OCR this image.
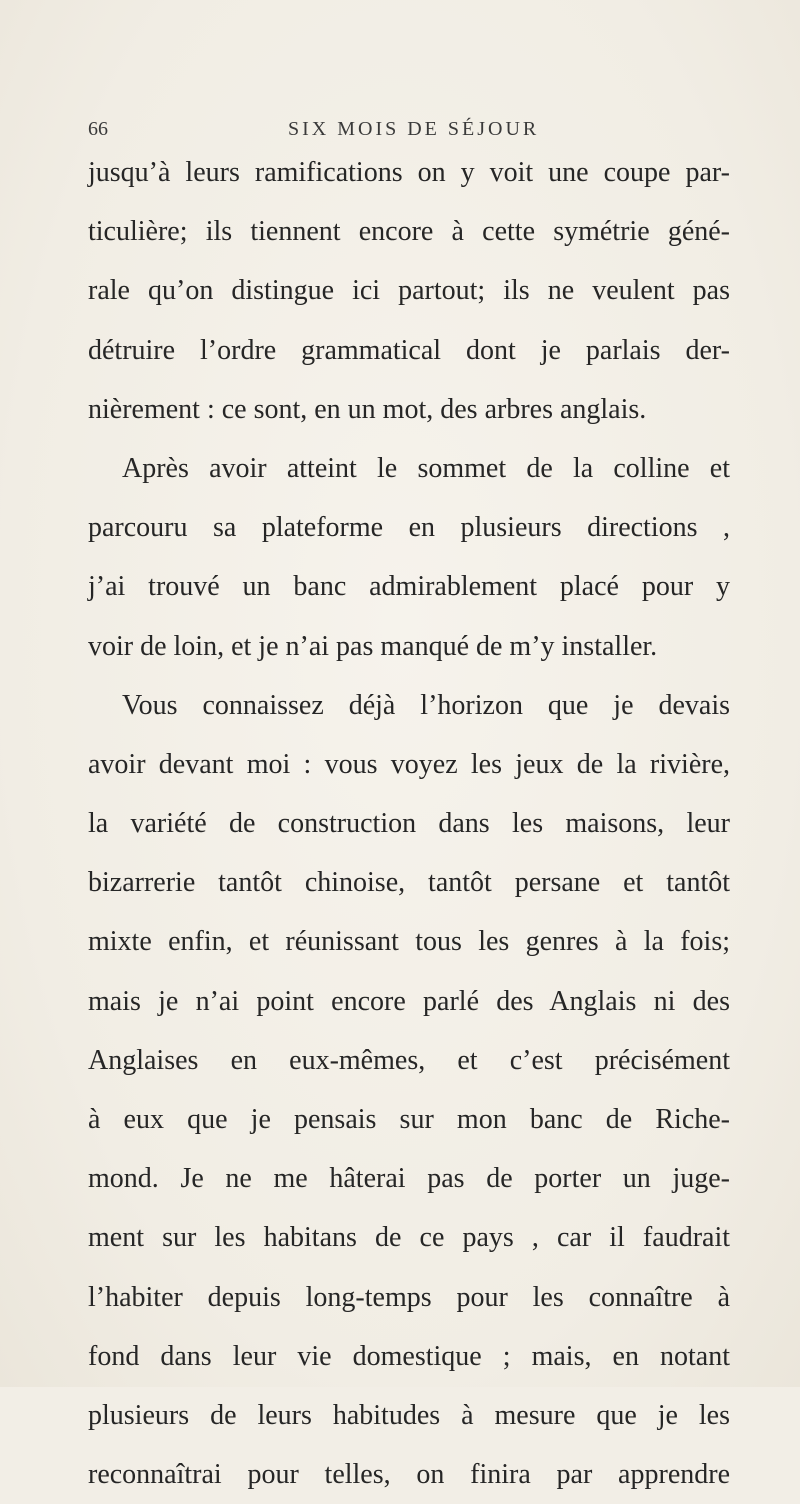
66	SIX MOIS DE SÉJOUR
jusqu’à leurs ramifications on y voit une coupe par-
ticulière; ils tiennent encore à cette symétrie géné-
rale qu’on distingue ici partout; ils ne veulent pas
détruire l’ordre grammatical dont je parlais der-
nièrement : ce sont, en un mot, des arbres anglais.
Après avoir atteint le sommet de la colline et
parcouru sa plateforme en plusieurs directions ,
j’ai trouvé un banc admirablement placé pour y
voir de loin, et je n’ai pas manqué de m’y installer.
Vous connaissez déjà l’horizon que je devais
avoir devant moi : vous voyez les jeux de la rivière,
la variété de construction dans les maisons, leur
bizarrerie tantôt chinoise, tantôt persane et tantôt
mixte enfin, et réunissant tous les genres à la fois;
mais je n’ai point encore parlé des Anglais ni des
Anglaises en eux-mêmes, et c’est précisément
à eux que je pensais sur mon banc de Riche-
mond. Je ne me hâterai pas de porter un juge-
ment sur les habitans de ce pays , car il faudrait
l’habiter depuis long-temps pour les connaître à
fond dans leur vie domestique ; mais, en notant
plusieurs de leurs habitudes à mesure que je les
reconnaîtrai pour telles, on finira par apprendre
